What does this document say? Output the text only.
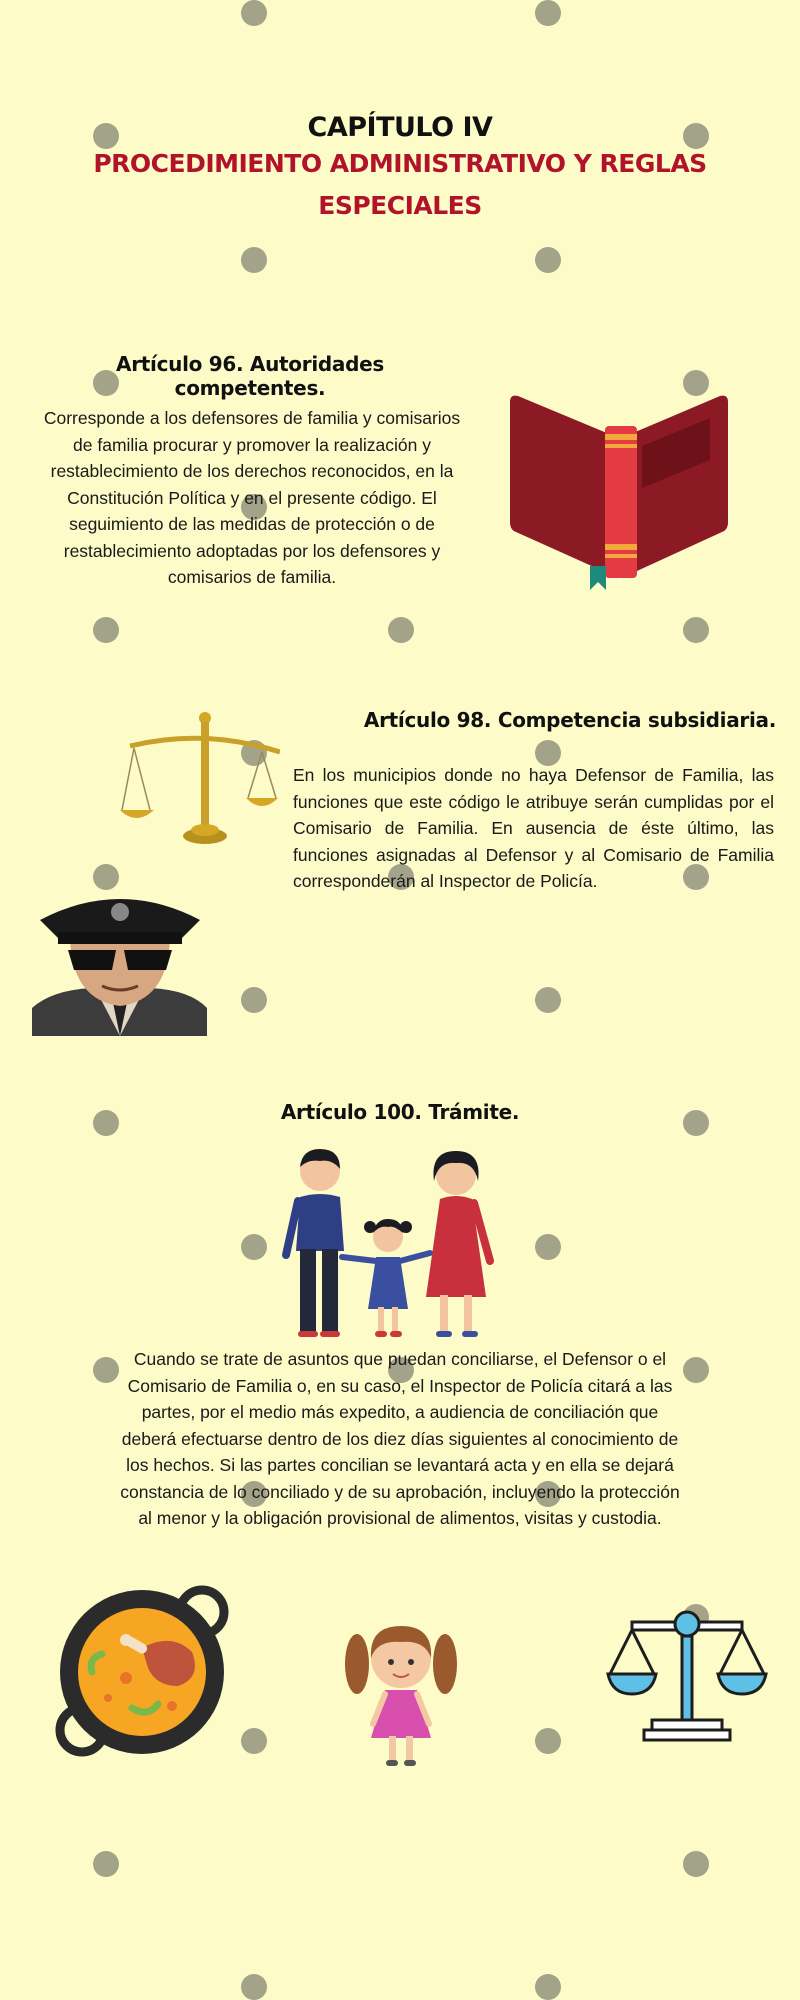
CAPÍTULO IV
PROCEDIMIENTO ADMINISTRATIVO Y REGLAS ESPECIALES
Artículo 96. Autoridades competentes.
Corresponde a los defensores de familia y comisarios de familia procurar y promover la realización y restablecimiento de los derechos reconocidos, en la Constitución Política y en el presente código. El seguimiento de las medidas de protección o de restablecimiento adoptadas por los defensores y comisarios de familia.
Artículo 98. Competencia subsidiaria.
En los municipios donde no haya Defensor de Familia, las funciones que este código le atribuye serán cumplidas por el Comisario de Familia. En ausencia de éste último, las funciones asignadas al Defensor y al Comisario de Familia corresponderán al Inspector de Policía.
Artículo 100. Trámite.
Cuando se trate de asuntos que puedan conciliarse, el Defensor o el Comisario de Familia o, en su caso, el Inspector de Policía citará a las partes, por el medio más expedito, a audiencia de conciliación que deberá efectuarse dentro de los diez días siguientes al conocimiento de los hechos. Si las partes concilian se levantará acta y en ella se dejará constancia de lo conciliado y de su aprobación, incluyendo la protección al menor y la obligación provisional de alimentos, visitas y custodia.
